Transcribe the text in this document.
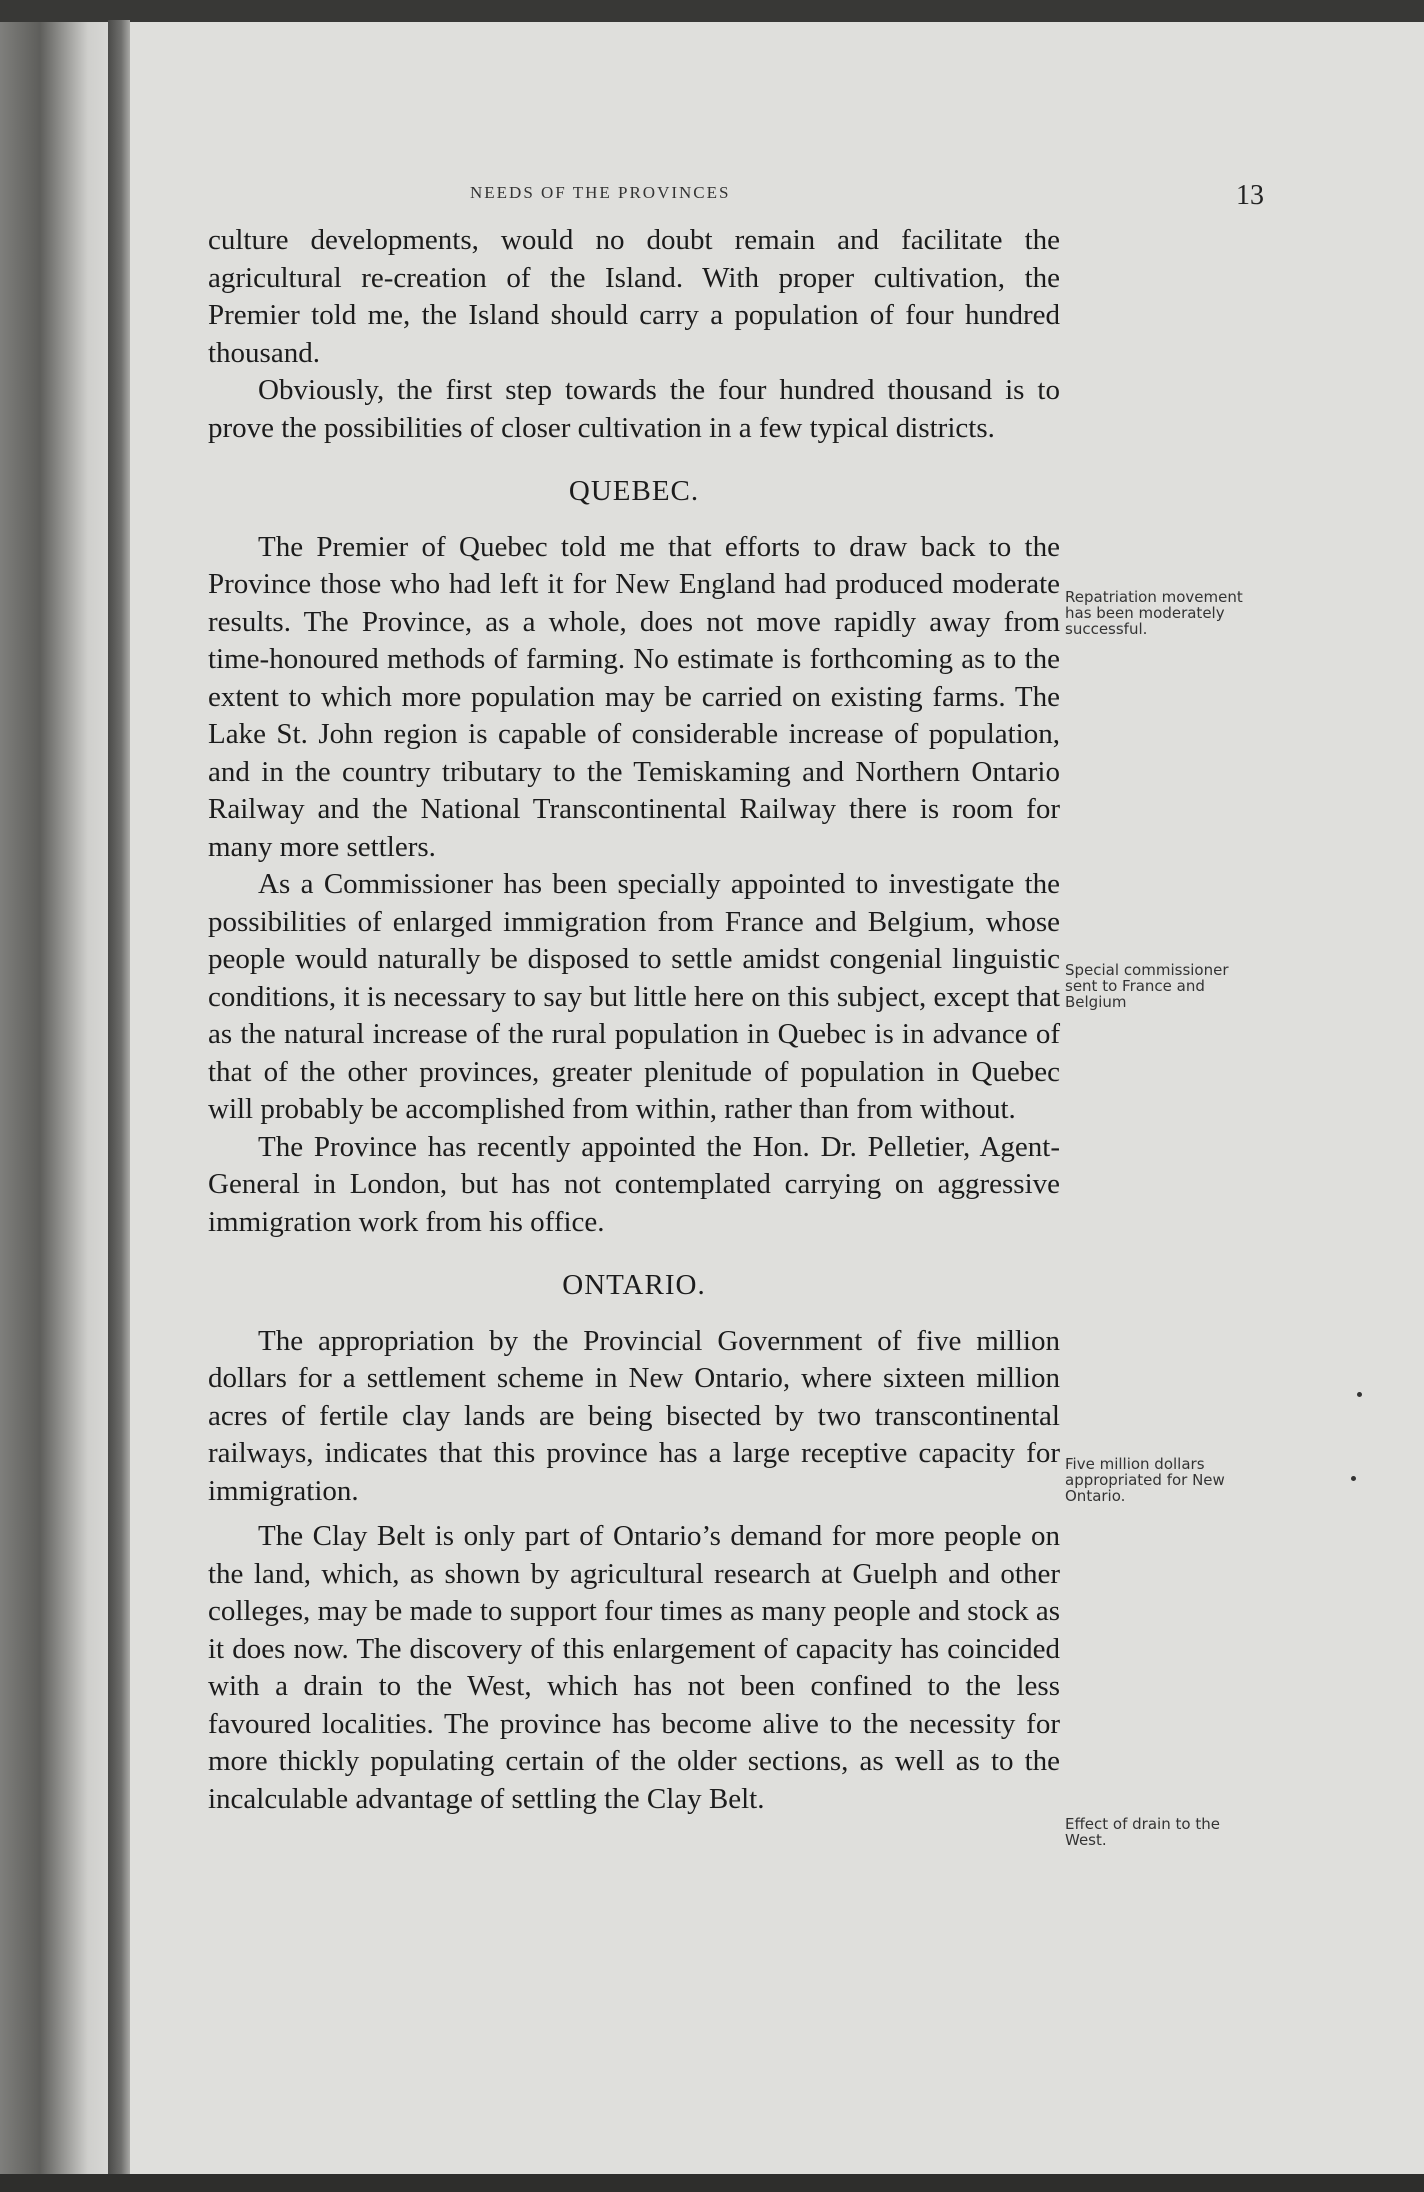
NEEDS OF THE PROVINCES	13

culture developments, would no doubt remain and facilitate the agricultural re-creation of the Island. With proper cultivation, the Premier told me, the Island should carry a population of four hundred thousand.

Obviously, the first step towards the four hundred thousand is to prove the possibilities of closer cultivation in a few typical districts.

QUEBEC.

The Premier of Quebec told me that efforts to draw back to the Province those who had left it for New England had produced moderate results. The Province, as a whole, does not move rapidly away from time-honoured methods of farming. No estimate is forthcoming as to the extent to which more population may be carried on existing farms. The Lake St. John region is capable of considerable increase of population, and in the country tributary to the Temiskaming and Northern Ontario Railway and the National Transcontinental Railway there is room for many more settlers.

As a Commissioner has been specially appointed to investigate the possibilities of enlarged immigration from France and Belgium, whose people would naturally be disposed to settle amidst congenial linguistic conditions, it is necessary to say but little here on this subject, except that as the natural increase of the rural population in Quebec is in advance of that of the other provinces, greater plenitude of population in Quebec will probably be accomplished from within, rather than from without.

The Province has recently appointed the Hon. Dr. Pelletier, Agent-General in London, but has not contemplated carrying on aggressive immigration work from his office.

ONTARIO.

The appropriation by the Provincial Government of five million dollars for a settlement scheme in New Ontario, where sixteen million acres of fertile clay lands are being bisected by two transcontinental railways, indicates that this province has a large receptive capacity for immigration.

The Clay Belt is only part of Ontario’s demand for more people on the land, which, as shown by agricultural research at Guelph and other colleges, may be made to support four times as many people and stock as it does now. The discovery of this enlargement of capacity has coincided with a drain to the West, which has not been confined to the less favoured localities. The province has become alive to the necessity for more thickly populating certain of the older sections, as well as to the incalculable advantage of settling the Clay Belt.

Repatriation movement has been moderately successful.
Special commissioner sent to France and Belgium
Five million dollars appropriated for New Ontario.
Effect of drain to the West.
